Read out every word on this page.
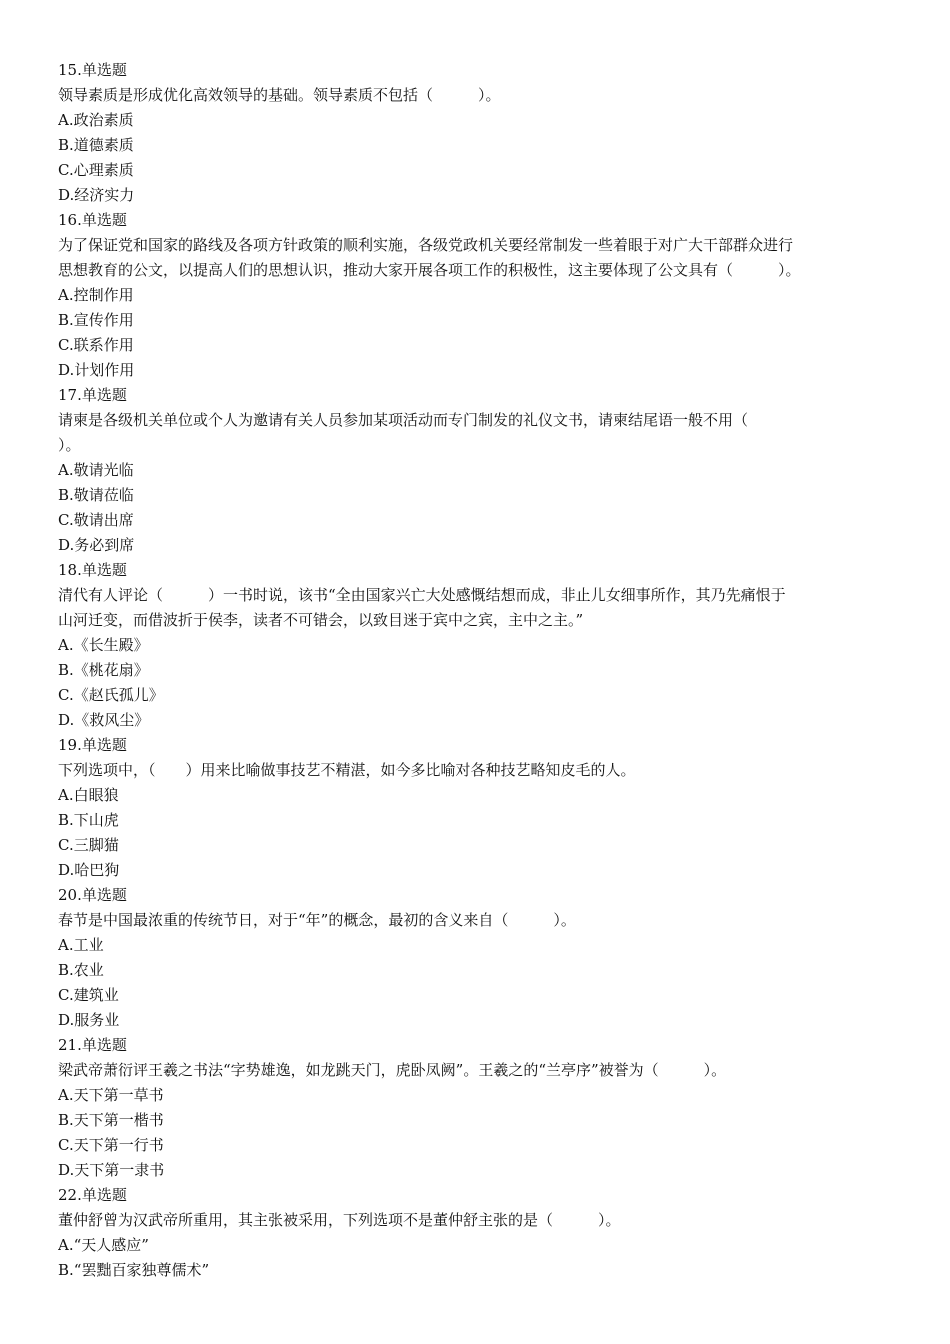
15.单选题
领导素质是形成优化高效领导的基础。领导素质不包括（　　　）。
A.政治素质
B.道德素质
C.心理素质
D.经济实力
16.单选题
为了保证党和国家的路线及各项方针政策的顺利实施，各级党政机关要经常制发一些着眼于对广大干部群众进行
思想教育的公文，以提高人们的思想认识，推动大家开展各项工作的积极性，这主要体现了公文具有（　　　）。
A.控制作用
B.宣传作用
C.联系作用
D.计划作用
17.单选题
请柬是各级机关单位或个人为邀请有关人员参加某项活动而专门制发的礼仪文书，请柬结尾语一般不用（
）。
A.敬请光临
B.敬请莅临
C.敬请出席
D.务必到席
18.单选题
清代有人评论（　　　）一书时说，该书“全由国家兴亡大处感慨结想而成，非止儿女细事所作，其乃先痛恨于
山河迁变，而借波折于侯李，读者不可错会，以致目迷于宾中之宾，主中之主。”
A.《长生殿》
B.《桃花扇》
C.《赵氏孤儿》
D.《救风尘》
19.单选题
下列选项中，（　　）用来比喻做事技艺不精湛，如今多比喻对各种技艺略知皮毛的人。
A.白眼狼
B.下山虎
C.三脚猫
D.哈巴狗
20.单选题
春节是中国最浓重的传统节日，对于“年”的概念，最初的含义来自（　　　）。
A.工业
B.农业
C.建筑业
D.服务业
21.单选题
梁武帝萧衍评王羲之书法“字势雄逸，如龙跳天门，虎卧凤阙”。王羲之的“兰亭序”被誉为（　　　）。
A.天下第一草书
B.天下第一楷书
C.天下第一行书
D.天下第一隶书
22.单选题
董仲舒曾为汉武帝所重用，其主张被采用，下列选项不是董仲舒主张的是（　　　）。
A.“天人感应”
B.“罢黜百家独尊儒术”
